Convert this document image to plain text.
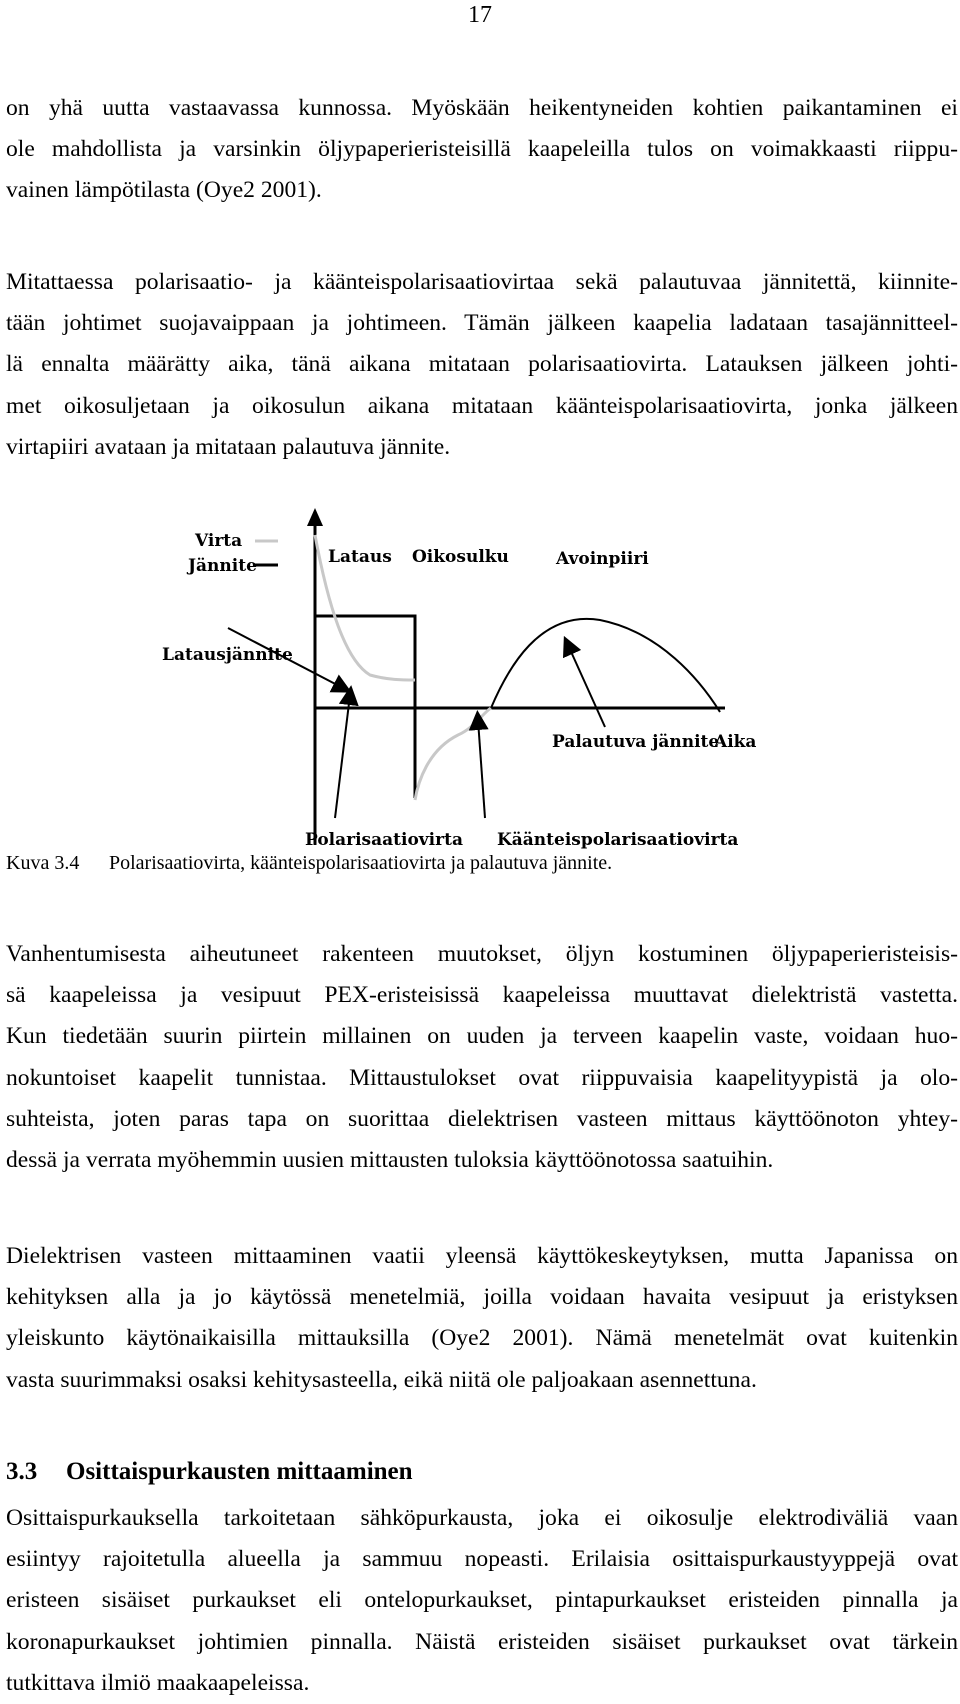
17
on yhä uutta vastaavassa kunnossa. Myöskään heikentyneiden kohtien paikantaminen ei
ole mahdollista ja varsinkin öljypaperieristeisillä kaapeleilla tulos on voimakkaasti riippu-
vainen lämpötilasta (Oye2 2001).
Mitattaessa polarisaatio- ja käänteispolarisaatiovirtaa sekä palautuvaa jännitettä, kiinnite-
tään johtimet suojavaippaan ja johtimeen. Tämän jälkeen kaapelia ladataan tasajännitteel-
lä ennalta määrätty aika, tänä aikana mitataan polarisaatiovirta. Latauksen jälkeen johti-
met oikosuljetaan ja oikosulun aikana mitataan käänteispolarisaatiovirta, jonka jälkeen
virtapiiri avataan ja mitataan palautuva jännite.
Virta
Jännite	Lataus Oikosulku	Avoinpiiri
Latausjännite
Palautuva jännite
Aika
Polarisaatiovirta Käänteispolarisaatiovirta
Kuva 3.4 Polarisaatiovirta, käänteispolarisaatiovirta ja palautuva jännite.
Vanhentumisesta aiheutuneet rakenteen muutokset, öljyn kostuminen öljypaperieristeisis-
sä kaapeleissa ja vesipuut PEX-eristeisissä kaapeleissa muuttavat dielektristä vastetta.
Kun tiedetään suurin piirtein millainen on uuden ja terveen kaapelin vaste, voidaan huo-
nokuntoiset kaapelit tunnistaa. Mittaustulokset ovat riippuvaisia kaapelityypistä ja olo-
suhteista, joten paras tapa on suorittaa dielektrisen vasteen mittaus käyttöönoton yhtey-
dessä ja verrata myöhemmin uusien mittausten tuloksia käyttöönotossa saatuihin.
Dielektrisen vasteen mittaaminen vaatii yleensä käyttökeskeytyksen, mutta Japanissa on
kehityksen alla ja jo käytössä menetelmiä, joilla voidaan havaita vesipuut ja eristyksen
yleiskunto käytönaikaisilla mittauksilla (Oye2 2001). Nämä menetelmät ovat kuitenkin
vasta suurimmaksi osaksi kehitysasteella, eikä niitä ole paljoakaan asennettuna.
3.3 Osittaispurkausten mittaaminen
Osittaispurkauksella tarkoitetaan sähköpurkausta, joka ei oikosulje elektrodiväliä vaan
esiintyy rajoitetulla alueella ja sammuu nopeasti. Erilaisia osittaispurkaustyyppejä ovat
eristeen sisäiset purkaukset eli ontelopurkaukset, pintapurkaukset eristeiden pinnalla ja
koronapurkaukset johtimien pinnalla. Näistä eristeiden sisäiset purkaukset ovat tärkein
tutkittava ilmiö maakaapeleissa.
